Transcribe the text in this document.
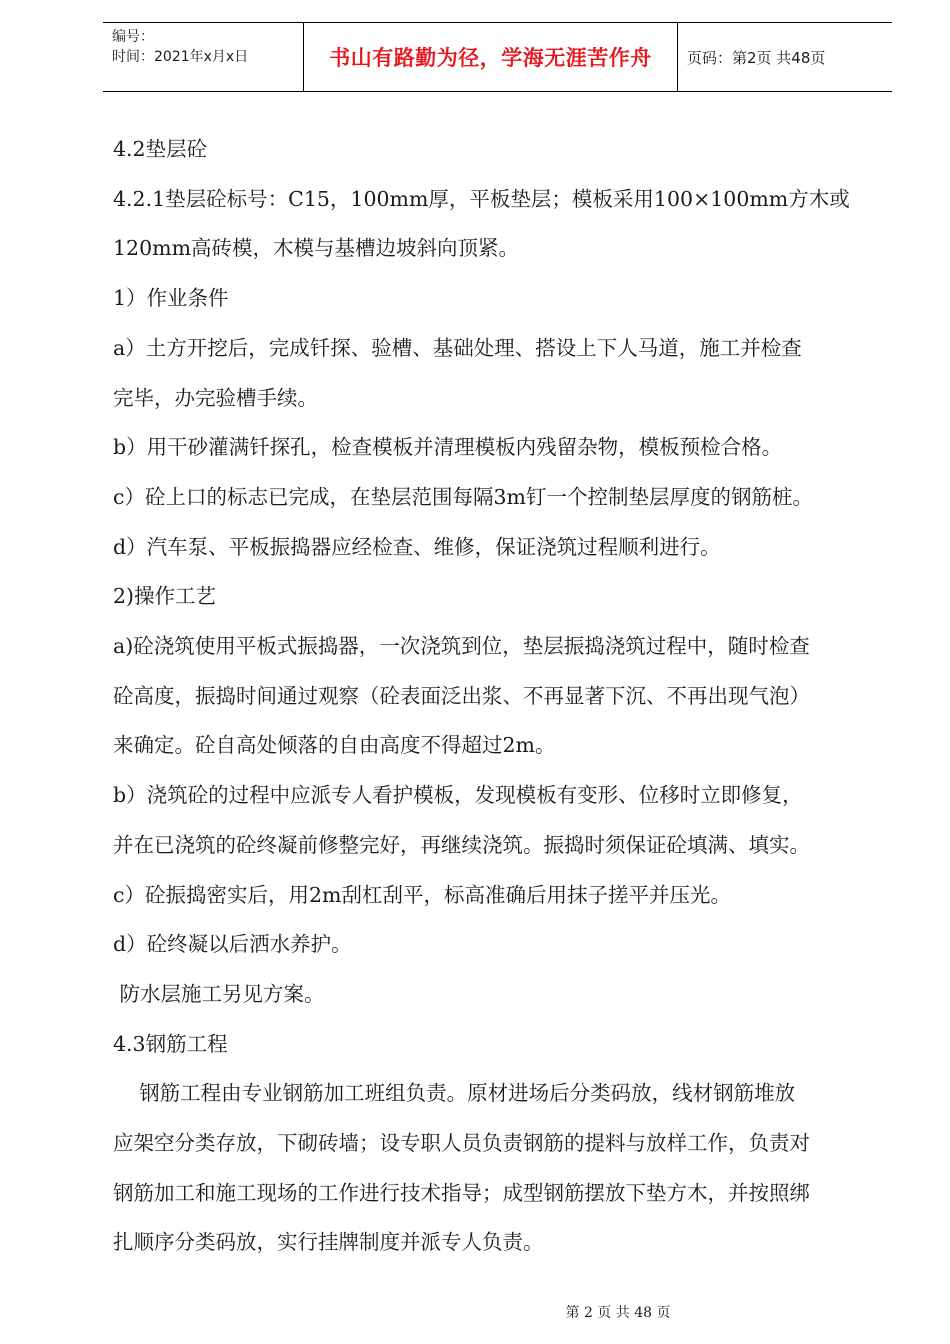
编号：
时间：2021年x月x日	书山有路勤为径，学海无涯苦作舟 页码：第2页 共48页

4.2垫层砼

4.2.1垫层砼标号：C15，100mm厚，平板垫层；模板采用100×100mm方木或

120mm高砖模，木模与基槽边坡斜向顶紧。

1）作业条件

a）土方开挖后，完成钎探、验槽、基础处理、搭设上下人马道，施工并检查

完毕，办完验槽手续。

b）用干砂灌满钎探孔，检查模板并清理模板内残留杂物，模板预检合格。

c）砼上口的标志已完成，在垫层范围每隔3m钉一个控制垫层厚度的钢筋桩。

d）汽车泵、平板振捣器应经检查、维修，保证浇筑过程顺利进行。

2)操作工艺

a)砼浇筑使用平板式振捣器，一次浇筑到位，垫层振捣浇筑过程中，随时检查

砼高度，振捣时间通过观察（砼表面泛出浆、不再显著下沉、不再出现气泡）

来确定。砼自高处倾落的自由高度不得超过2m。

b）浇筑砼的过程中应派专人看护模板，发现模板有变形、位移时立即修复，

并在已浇筑的砼终凝前修整完好，再继续浇筑。振捣时须保证砼填满、填实。

c）砼振捣密实后，用2m刮杠刮平，标高准确后用抹子搓平并压光。

d）砼终凝以后洒水养护。

防水层施工另见方案。

4.3钢筋工程

钢筋工程由专业钢筋加工班组负责。原材进场后分类码放，线材钢筋堆放

应架空分类存放，下砌砖墙；设专职人员负责钢筋的提料与放样工作，负责对

钢筋加工和施工现场的工作进行技术指导；成型钢筋摆放下垫方木，并按照绑

扎顺序分类码放，实行挂牌制度并派专人负责。

第 2 页 共 48 页
